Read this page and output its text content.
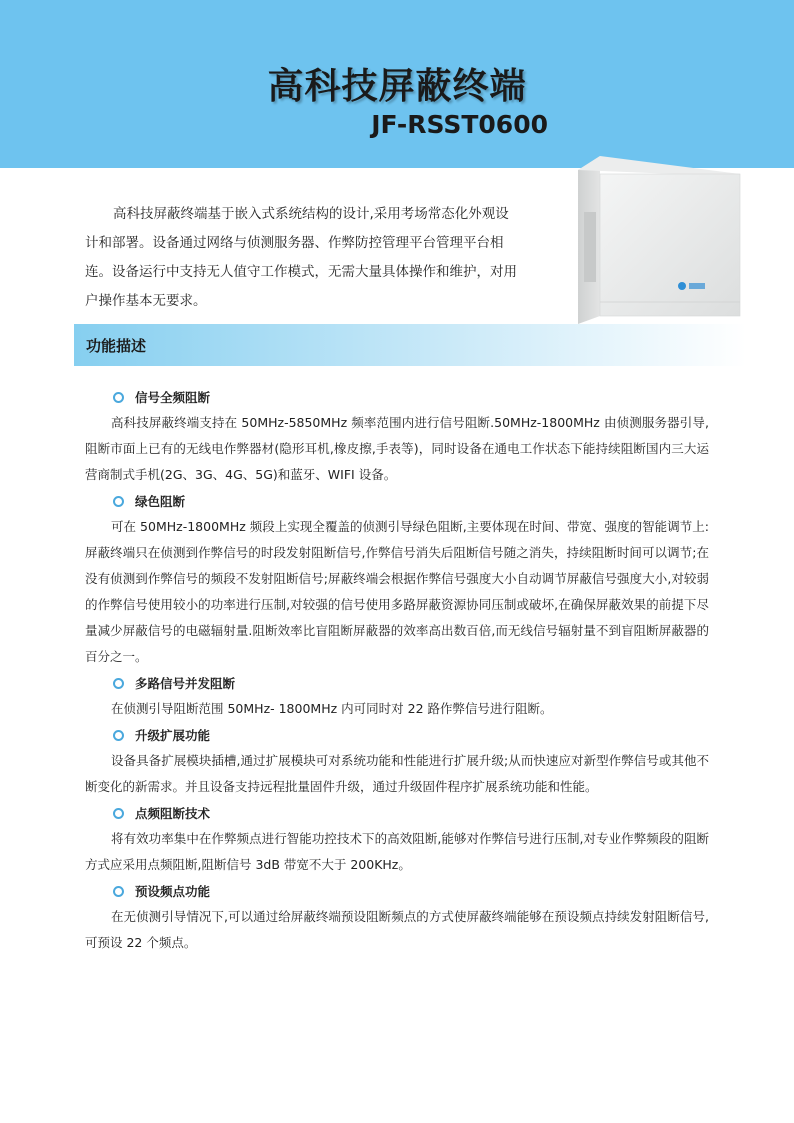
高科技屏蔽终端
JF-RSST0600

高科技屏蔽终端基于嵌入式系统结构的设计,采用考场常态化外观设计和部署。设备通过网络与侦测服务器、作弊防控管理平台管理平台相连。设备运行中支持无人值守工作模式，无需大量具体操作和维护，对用户操作基本无要求。

功能描述
信号全频阻断

高科技屏蔽终端支持在 50MHz-5850MHz 频率范围内进行信号阻断.50MHz-1800MHz 由侦测服务器引导,阻断市面上已有的无线电作弊器材(隐形耳机,橡皮擦,手表等)，同时设备在通电工作状态下能持续阻断国内三大运营商制式手机(2G、3G、4G、5G)和蓝牙、WIFI 设备。

绿色阻断

可在 50MHz-1800MHz 频段上实现全覆盖的侦测引导绿色阻断,主要体现在时间、带宽、强度的智能调节上:屏蔽终端只在侦测到作弊信号的时段发射阻断信号,作弊信号消失后阻断信号随之消失，持续阻断时间可以调节;在没有侦测到作弊信号的频段不发射阻断信号;屏蔽终端会根据作弊信号强度大小自动调节屏蔽信号强度大小,对较弱的作弊信号使用较小的功率进行压制,对较强的信号使用多路屏蔽资源协同压制或破坏,在确保屏蔽效果的前提下尽量减少屏蔽信号的电磁辐射量.阻断效率比盲阻断屏蔽器的效率高出数百倍,而无线信号辐射量不到盲阻断屏蔽器的百分之一。

多路信号并发阻断

在侦测引导阻断范围 50MHz- 1800MHz 内可同时对 22 路作弊信号进行阻断。

升级扩展功能

设备具备扩展模块插槽,通过扩展模块可对系统功能和性能进行扩展升级;从而快速应对新型作弊信号或其他不断变化的新需求。并且设备支持远程批量固件升级，通过升级固件程序扩展系统功能和性能。

点频阻断技术

将有效功率集中在作弊频点进行智能功控技术下的高效阻断,能够对作弊信号进行压制,对专业作弊频段的阻断方式应采用点频阻断,阻断信号 3dB 带宽不大于 200KHz。

预设频点功能

在无侦测引导情况下,可以通过给屏蔽终端预设阻断频点的方式使屏蔽终端能够在预设频点持续发射阻断信号,可预设 22 个频点。
